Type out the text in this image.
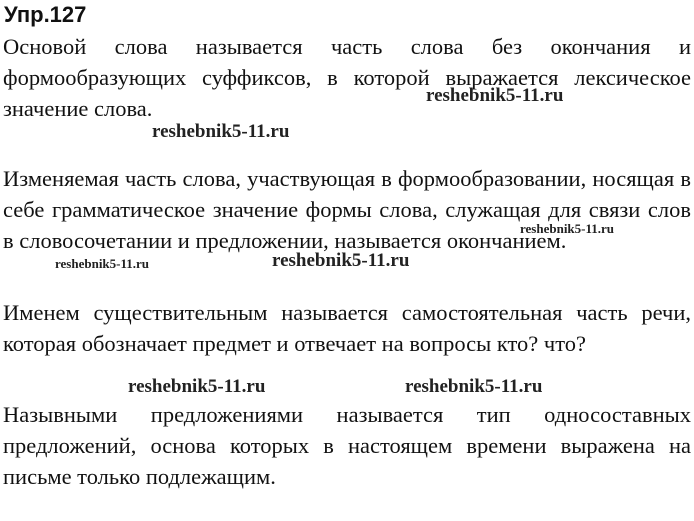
Упр.127

Основой слова называется часть слова без окончания и формообразующих суффиксов, в которой выражается лексическое значение слова.

Изменяемая часть слова, участвующая в формообразовании, носящая в себе грамматическое значение формы слова, служащая для связи слов в словосочетании и предложении, называется окончанием.

Именем существительным называется самостоятельная часть речи, которая обозначает предмет и отвечает на вопросы кто? что?

Назывными предложениями называется тип односоставных предложений, основа которых в настоящем времени выражена на письме только подлежащим.

reshebnik5-11.ru
reshebnik5-11.ru
reshebnik5-11.ru
reshebnik5-11.ru	reshebnik5-11.ru
reshebnik5-11.ru	reshebnik5-11.ru
